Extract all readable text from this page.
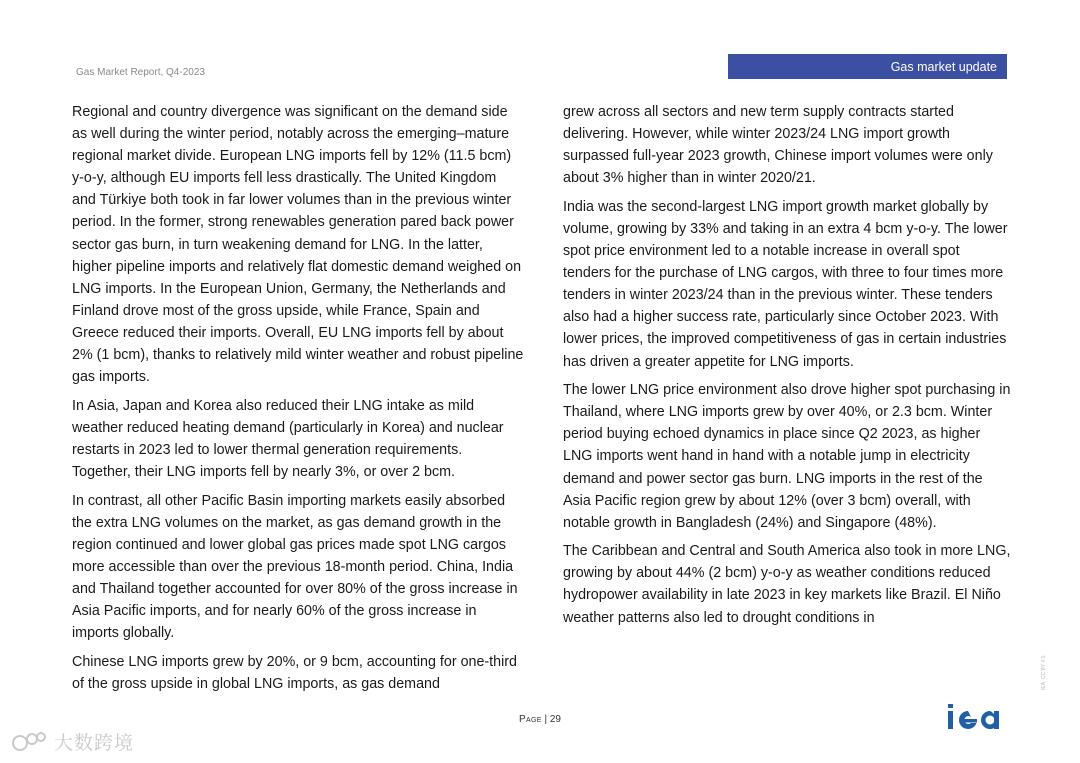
Gas Market Report, Q4-2023	Gas market update

Regional and country divergence was significant on the demand side as well during the winter period, notably across the emerging–mature regional market divide. European LNG imports fell by 12% (11.5 bcm) y-o-y, although EU imports fell less drastically. The United Kingdom and Türkiye both took in far lower volumes than in the previous winter period. In the former, strong renewables generation pared back power sector gas burn, in turn weakening demand for LNG. In the latter, higher pipeline imports and relatively flat domestic demand weighed on LNG imports. In the European Union, Germany, the Netherlands and Finland drove most of the gross upside, while France, Spain and Greece reduced their imports. Overall, EU LNG imports fell by about 2% (1 bcm), thanks to relatively mild winter weather and robust pipeline gas imports.

In Asia, Japan and Korea also reduced their LNG intake as mild weather reduced heating demand (particularly in Korea) and nuclear restarts in 2023 led to lower thermal generation requirements. Together, their LNG imports fell by nearly 3%, or over 2 bcm.

In contrast, all other Pacific Basin importing markets easily absorbed the extra LNG volumes on the market, as gas demand growth in the region continued and lower global gas prices made spot LNG cargos more accessible than over the previous 18-month period. China, India and Thailand together accounted for over 80% of the gross increase in Asia Pacific imports, and for nearly 60% of the gross increase in imports globally.

Chinese LNG imports grew by 20%, or 9 bcm, accounting for one-third of the gross upside in global LNG imports, as gas demand

grew across all sectors and new term supply contracts started delivering. However, while winter 2023/24 LNG import growth surpassed full-year 2023 growth, Chinese import volumes were only about 3% higher than in winter 2020/21.

India was the second-largest LNG import growth market globally by volume, growing by 33% and taking in an extra 4 bcm y-o-y. The lower spot price environment led to a notable increase in overall spot tenders for the purchase of LNG cargos, with three to four times more tenders in winter 2023/24 than in the previous winter. These tenders also had a higher success rate, particularly since October 2023. With lower prices, the improved competitiveness of gas in certain industries has driven a greater appetite for LNG imports.

The lower LNG price environment also drove higher spot purchasing in Thailand, where LNG imports grew by over 40%, or 2.3 bcm. Winter period buying echoed dynamics in place since Q2 2023, as higher LNG imports went hand in hand with a notable jump in electricity demand and power sector gas burn. LNG imports in the rest of the Asia Pacific region grew by about 12% (over 3 bcm) overall, with notable growth in Bangladesh (24%) and Singapore (48%).

The Caribbean and Central and South America also took in more LNG, growing by about 44% (2 bcm) y-o-y as weather conditions reduced hydropower availability in late 2023 in key markets like Brazil. El Niño weather patterns also led to drought conditions in

Page | 29
IEA. CC BY 4.0.
大数跨境
